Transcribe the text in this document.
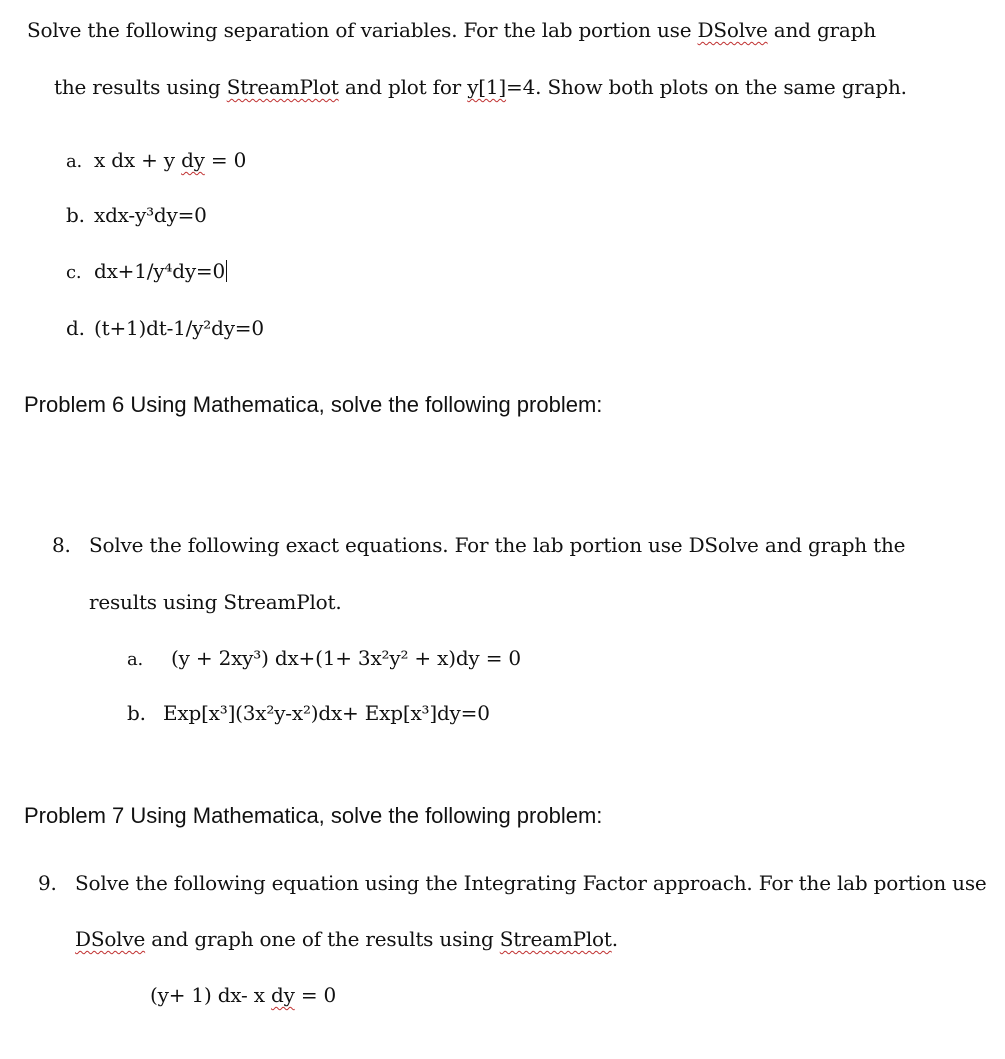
Solve the following separation of variables. For the lab portion use DSolve and graph
the results using StreamPlot and plot for y[1]=4. Show both plots on the same graph.
a. x dx + y dy = 0
b. xdx-y³dy=0
c. dx+1/y⁴dy=0
d. (t+1)dt-1/y²dy=0
Problem 6 Using Mathematica, solve the following problem:
8. Solve the following exact equations. For the lab portion use DSolve and graph the
results using StreamPlot.
a. (y + 2xy³) dx+(1+ 3x²y² + x)dy = 0
b. Exp[x³](3x²y-x²)dx+ Exp[x³]dy=0
Problem 7 Using Mathematica, solve the following problem:
9. Solve the following equation using the Integrating Factor approach. For the lab portion use
DSolve and graph one of the results using StreamPlot.
(y+ 1) dx- x dy = 0
